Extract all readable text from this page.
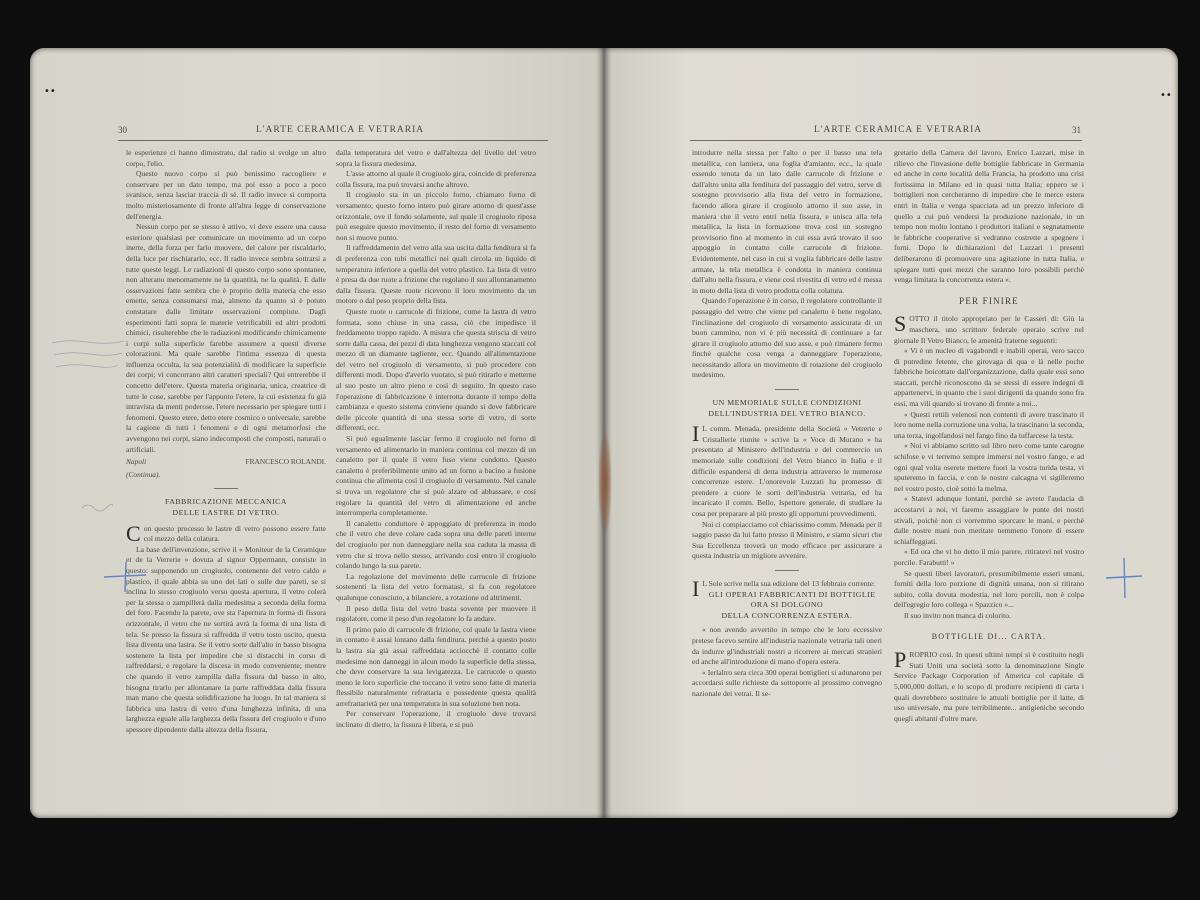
30	L'ARTE CERAMICA E VETRARIA

le esperienze ci hanno dimostrato, dal radio si svolge un altro corpo, l'elio.

Questo nuovo corpo si può benissimo raccogliere e conservare per un dato tempo, ma poi esso a poco a poco svanisce, senza lasciar traccia di sè. Il radio invece si comporta molto misteriosamente di fronte all'altra legge di conservazione dell'energia.

Nessun corpo per se stesso è attivo, vi deve essere una causa esteriore qualsiasi per comunicare un movimento ad un corpo inerte, della forza per farlo muovere, del calore per riscaldarlo, della luce per rischiararlo, ecc. Il radio invece sembra sottrarsi a tutte queste leggi. Le radiazioni di questo corpo sono spontanee, non alterano menomamente ne la quantità, ne la qualità. E dalle osservazioni fatte sembra che è proprio della materia che esso emette, senza consumarsi mai, almeno da quanto si è potuto constatare dalle limitate osservazioni compiute. Dagli esperimenti fatti sopra le materie vetrificabili ed altri prodotti chimici, risulterebbe che le radiazioni modificando chimicamente i corpi sulla superficie farebbe assumere a questi diverse colorazioni. Ma quale sarebbe l'intima essenza di questa influenza occulta, la sua potenzialità di modificare la superficie dei corpi; vi concorrano altri caratteri speciali? Qui entrerebbe il concetto dell'etere. Questa materia originaria, unica, creatrice di tutte le cose, sarebbe per l'appunto l'etere, la cui esistenza fu già intravista da menti poderose, l'etere necessario per spiegare tutti i fenomeni. Questo etere, detto etere cosmico o universale, sarebbe la cagione di tutti i fenomeni e di ogni metamorfosi che avvengono nei corpi, siano indecomposti che composti, naturali o artificiali.

Napoli	FRANCESCO ROLANDI.
(Continua).
FABBRICAZIONE MECCANICA
DELLE LASTRE DI VETRO.

Con questo processo le lastre di vetro possono essere fatte col mezzo della colatura.

La base dell'invenzione, scrive il « Moniteur de la Ceramique et de la Verrerie » dovuta al signor Oppermann, consiste in questo: supponendo un crogiuolo, contenente del vetro caldo e plastico, il quale abbia su uno dei lati o sulle due pareti, se si inclina lo stesso crogiuolo verso questa apertura, il vetro colerà per la stessa o zampillerà dalla medesima a seconda della forma del foro. Facendo la parete, ove sta l'apertura in forma di fissura orizzontale, il vetro che ne sortirà avrà la forma di una lista di tela. Se presso la fissura si raffredda il vetro tosto uscito, questa lista diventa una lastra. Se il vetro sorte dall'alto in basso bisogna sostenere la lista per impedire che si distacchi in corso di raffreddarsi, e regolare la discesa in modo conveniente; mentre che quando il vetro zampilla dalla fissura dal basso in alto, bisogna tirarlo per allontanare la parte raffreddata dalla fissura man mano che questa solidificazione ha luogo. In tal maniera si fabbrica una lastra di vetro d'una lunghezza infinita, di una larghezza eguale alla larghezza della fissura del crogiuolo e d'uno spessore dipendente dalla altezza della fissura,

dalla temperatura del vetro e dall'altezza del livello del vetro sopra la fissura medesima.

L'asse attorno al quale il crogiuolo gira, coincide di preferenza colla fissura, ma può trovarsi anche altrove.

Il crogiuolo sta in un piccolo forno, chiamato forno di versamento; questo forno intero può girare attorno di quest'asse orizzontale, ove il fondo solamente, sul quale il crogiuolo riposa può eseguire questo movimento, il resto del forno di versamento non si muove punto.

Il raffreddamento del vetro alla sua uscita dalla fenditura si fa di preferenza con tubi metallici nei quali circola un liquido di temperatura inferiore a quella del vetro plastico. La lista di vetro è presa da due ruote a frizione che regolano il suo allontanamento dalla fissura. Queste ruote ricevono il loro movimento da un motore o dal peso proprio della lista.

Queste ruote o carrucole di frizione, come la lastra di vetro formata, sono chiuse in una cassa, ciò che impedisce il freddamento troppo rapido. A misura che questa striscia di vetro sorte dalla cassa, dei pezzi di data lunghezza vengono staccati col mezzo di un diamante tagliente, ecc. Quando all'alimentazione del vetro nel crogiuolo di versamento, si può procedere con differenti modi. Dopo d'averlo vuotato, si può ritirarlo e metterne al suo posto un altro pieno e così di seguito. In questo caso l'operazione di fabbricazione è interrotta durante il tempo della cambianza e questo sistema conviene quando si deve fabbricare delle piccole quantità di una stessa sorte di vetro, di sorte differenti, ecc.

Si può eguaImente lasciar fermo il crogiuolo nel forno di versamento ed alimentarlo in maniera continua col mezzo di un canaletto per il quale il vetro fuso viene condotto. Questo canaletto è preferibilmente unito ad un forno a bacino a fusione continua che alimenta così il crogiuolo di versamento. Nel canale si trova un regolatore che si può alzare od abbassare, e così regolare la quantità del vetro di alimentazione ed anche interromperla completamente.

Il canaletto conduttore è appoggiato di preferenza in modo che il vetro che deve colare cada sopra una delle pareti interne del crogiuolo per non danneggiare nella sua caduta la massa di vetro che si trova nello stesso, arrivando così entro il crogiuolo colando lungo la sua parete.

La regolazione del movimento delle carrucole di frizione sostenenti la lista del vetro formatasi, si fa con regolatore qualunque conosciuto, a bilanciere, a rotazione od altrimenti.

Il peso della lista del vetro basta sovente per muovere il regolatore, come il peso d'un regolatore lo fa andare.

Il primo paio di carrucole di frizione, col quale la lastra viene in contatto è assai lontano dalla fenditura, perchè a questo posto la lastra sia già assai raffreddata acciocchè il contatto colle medesime non danneggi in alcun modo la superficie della stessa, che deve conservare la sua levigatezza. Le carrucole o questo meno le loro superficie che toccano il vetro sono fatte di materia flessibile naturalmente refrattaria e possedente questa qualità arrefrattarietà per una temperatura in sua soluzione ben nota.

Per conservare l'operazione, il crogiuolo deve trovarsi inclinato di dietro, la fissura è libera, e si può

L'ARTE CERAMICA E VETRARIA	31

introdurre nella stessa per l'alto o per il basso una tela metallica, con lamiera, una foglia d'amianto, ecc., la quale essendo tenuta da un lato dalle carrucole di frizione e dall'altro unita alla fenditura del passaggio del vetro, serve di sostegno provvisorio alla lista del vetro in formazione, facendo allora girare il crogiuolo attorno il suo asse, in maniera che il vetro entri nella fissura, e unisca alla tela metallica, la lista in formazione trova così un sostegno provvisorio fino al momento in cui essa avrà trovato il suo appoggio in contatto colle carrucole di frizione. Evidentemente, nel caso in cui si voglia fabbricare delle lastre armate, la tela metallica è condotta in maniera continua dall'alto nella fissura, e viene così rivestita di vetro ed è messa in moto della lista di vetro prodotta colla colatura.

Quando l'operazione è in corso, il regolatore controllante il passaggio del vetro che viene pel canaletto è bene regolato, l'inclinazione del crogiuolo di versamento assicurata di un buon cammino, non vi è più necessità di continuare a far girare il crogiuolo attorno del suo asse, e può rimanere fermo finchè qualche cosa venga a danneggiare l'operazione, necessitando allora un movimento di rotazione del crogiuolo medesimo.

UN MEMORIALE SULLE CONDIZIONI
DELL'INDUSTRIA DEL VETRO BIANCO.

I L comm. Menada, presidente della Società « Vetrerie e Cristallerie riunite » scrive la « Voce di Murano » ha presentato al Ministero dell'industria e del commercio un memoriale sulle condizioni del Vetro bianco in Italia e il difficile espandersi di detta industria attraverso le numerose concorrenze estere. L'onorevole Luzzati ha promesso di prendere a cuore le sorti dell'industria vetraria, ed ha incaricato il comm. Bello, Ispettore generale, di studiare la cosa per preparare al più presto gli opportuni provvedimenti.

Noi ci compiacciamo col chiarissimo comm. Menada per il saggio passo da lui fatto presso il Ministro, e siamo sicuri che Sua Eccellenza troverà un modo efficace per assicurare a questa industria un migliore avvenire.

I L Sole scrive nella sua edizione del 13 febbraio corrente:

GLI OPERAI FABBRICANTI DI BOTTIGLIE
ORA SI DOLGONO
DELLA CONCORRENZA ESTERA.

« non avendo avvertito in tempo che le loro eccessive pretese facevo sentire all'industria nazionale vetraria tali oneri da indurre gl'industriali nostri a ricorrere ai mercati stranieri ed anche all'introduzione di mano d'opera estera.

« Ierlaltro sera circa 300 operai bottiglieri si adunarono per accordarsi sulle richieste da sottoporre al prossimo convegno nazionale dei vetrai. Il se-

gretario della Camera del lavoro, Enrico Lazzari, mise in rilievo che l'invasione delle bottiglie fabbricate in Germania ed anche in certe località della Francia, ha prodotto una crisi fortissima in Milano ed in quasi tutta Italia; eppero se i bottiglieri non cercheranno di impedire che le merce estera entri in Italia e venga spacciata ad un prezzo inferiore di quello a cui può vendersi la produzione nazionale, in un tempo non molto lontano i produttori italiani e segnatamente le fabbriche cooperative si vedranno costrette a spegnere i forni. Dopo le dichiarazioni del Lazzari i presenti deliberarono di promuovere una agitazione in tutta Italia, e spiegare tutti quei mezzi che saranno loro possibili perchè venga limitata la concorrenza estera ».

PER FINIRE

SOTTO il titolo appropriato per le Casseri di: Giù la maschera, uno scrittore federale operaio scrive nel giornale Il Vetro Bianco, le amenità fraterne seguenti:

« Vi è un nucleo di vagabondi e inabili operai, vero sacco di putredine fetente, che girovaga di qua e là nelle poche fabbriche boicottate dall'organizzazione, dalla quale essi sono staccati, perchè riconoscono da se stessi di essere indegni di appartenervi, in quanto che i suoi dirigenti da quando sono fra essi, ma vili quando si trovano di fronte a noi...

« Questi rettili velenosi non contenti di avere trascinato il loro nome nella corruzione una volta, la trascinano la seconda, una terza, ingolfandosi nel fango fino da tuffarcese la testa.

« Noi vi abbiamo scritto sul libro nero come tante carogne schifose e vi terremo sempre immersi nel vostro fango, e ad ogni qual volta oserete mettere fuori la vostra turida testa, vi sputeremo in faccia, e con le nostre calcagna vi sigilleremo nel vostro posto, cioè sotto la melma.

« Statevi adunque lontani, perchè se avrete l'audacia di accostarvi a noi, vi faremo assaggiare le punte dei nostri stivali, poichè non ci vorremmo sporcare le mani, e perchè dalle nostre mani non meritate nemmeno l'onore di essere schiaffeggiati.

« Ed ora che vi ho detto il mio parere, ritiratevi nel vostro porcile. Farabutti! »

Se questi liberi lavoratori, presumibilmente esseri umani, forniti della loro porzione di dignità umana, non si ritirano subito, colla dovuta modestia, nel loro porcili, non è colpa dell'egregio loro collega « Spazzico »...

Il suo invito non manca di colorito.

BOTTIGLIE DI... CARTA.

PROPRIO così. In questi ultimi tempi si è costituito negli Stati Uniti una società sotto la denominazione Single Service Package Corporation of America col capitale di 5,000,000 dollari, e lo scopo di produrre recipienti di carta i quali dovrebbero sostituire le attuali bottiglie per il latte, di uso universale, ma pure terribilmente... antigieniche secondo quegli abitanti d'oltre mare.

••	••
